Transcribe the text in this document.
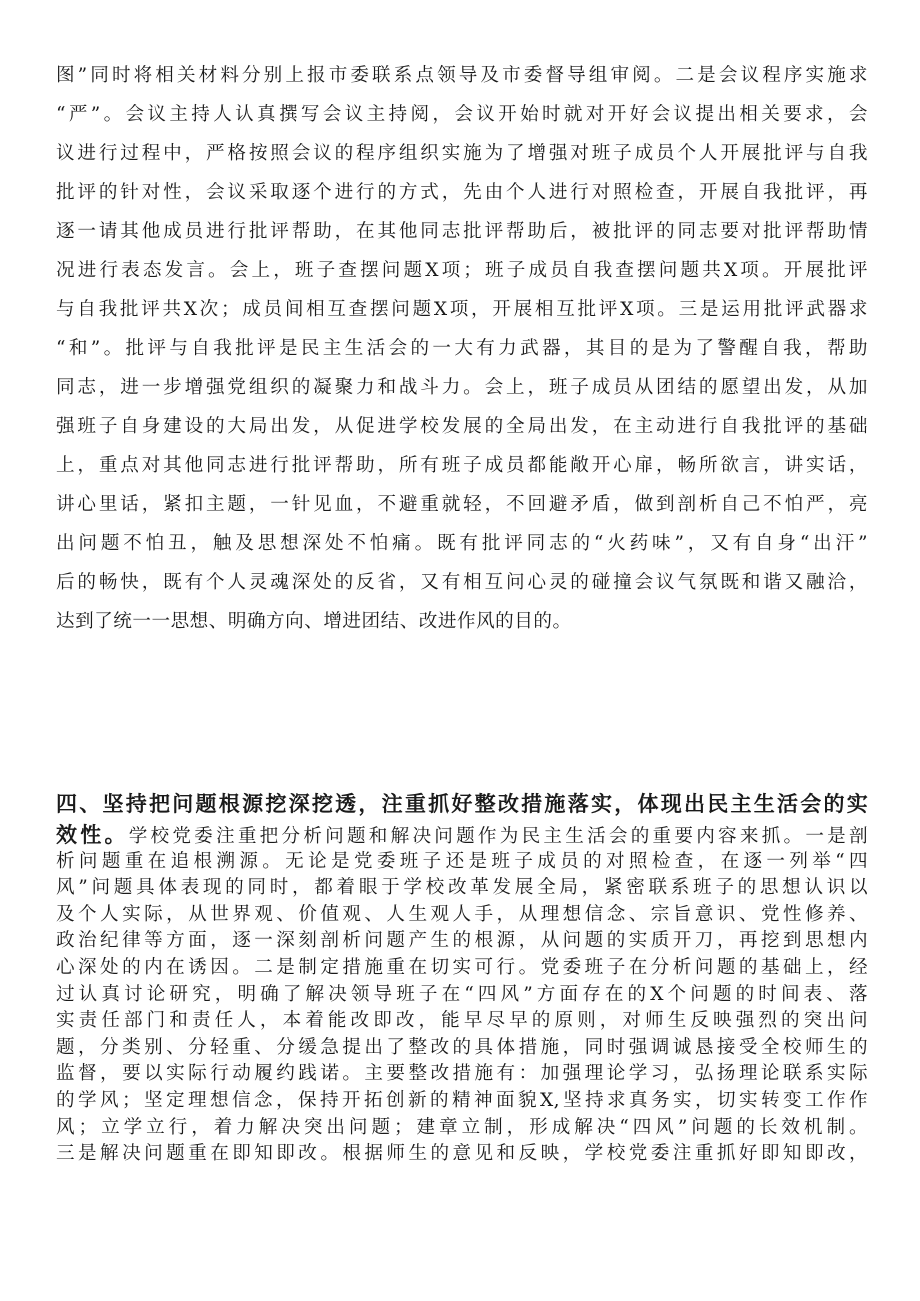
图”同时将相关材料分别上报市委联系点领导及市委督导组审阅。二是会议程序实施求
“严”。会议主持人认真撰写会议主持阅，会议开始时就对开好会议提出相关要求，会
议进行过程中，严格按照会议的程序组织实施为了增强对班子成员个人开展批评与自我
批评的针对性，会议采取逐个进行的方式，先由个人进行对照检查，开展自我批评，再
逐一请其他成员进行批评帮助，在其他同志批评帮助后，被批评的同志要对批评帮助情
况进行表态发言。会上，班子查摆问题X项；班子成员自我查摆问题共X项。开展批评
与自我批评共X次；成员间相互查摆问题X项，开展相互批评X项。三是运用批评武器求
“和”。批评与自我批评是民主生活会的一大有力武器，其目的是为了警醒自我，帮助
同志，进一步增强党组织的凝聚力和战斗力。会上，班子成员从团结的愿望出发，从加
强班子自身建设的大局出发，从促进学校发展的全局出发，在主动进行自我批评的基础
上，重点对其他同志进行批评帮助，所有班子成员都能敞开心扉，畅所欲言，讲实话，
讲心里话，紧扣主题，一针见血，不避重就轻，不回避矛盾，做到剖析自己不怕严，亮
出问题不怕丑，触及思想深处不怕痛。既有批评同志的“火药味”，又有自身“出汗”
后的畅快，既有个人灵魂深处的反省，又有相互问心灵的碰撞会议气氛既和谐又融洽，
达到了统一一思想、明确方向、增进团结、改进作风的目的。
四、坚持把问题根源挖深挖透，注重抓好整改措施落实，体现出民主生活会的实
效性。学校党委注重把分析问题和解决问题作为民主生活会的重要内容来抓。一是剖
析问题重在追根溯源。无论是党委班子还是班子成员的对照检查，在逐一列举“四
风”问题具体表现的同时，都着眼于学校改革发展全局，紧密联系班子的思想认识以
及个人实际，从世界观、价值观、人生观人手，从理想信念、宗旨意识、党性修养、
政治纪律等方面，逐一深刻剖析问题产生的根源，从问题的实质开刀，再挖到思想内
心深处的内在诱因。二是制定措施重在切实可行。党委班子在分析问题的基础上，经
过认真讨论研究，明确了解决领导班子在“四风”方面存在的X个问题的时间表、落
实责任部门和责任人，本着能改即改，能早尽早的原则，对师生反映强烈的突出问
题，分类别、分轻重、分缓急提出了整改的具体措施，同时强调诚恳接受全校师生的
监督，要以实际行动履约践诺。主要整改措施有：加强理论学习，弘扬理论联系实际
的学风；坚定理想信念，保持开拓创新的精神面貌X,坚持求真务实，切实转变工作作
风；立学立行，着力解决突出问题；建章立制，形成解决“四风”问题的长效机制。
三是解决问题重在即知即改。根据师生的意见和反映，学校党委注重抓好即知即改，
